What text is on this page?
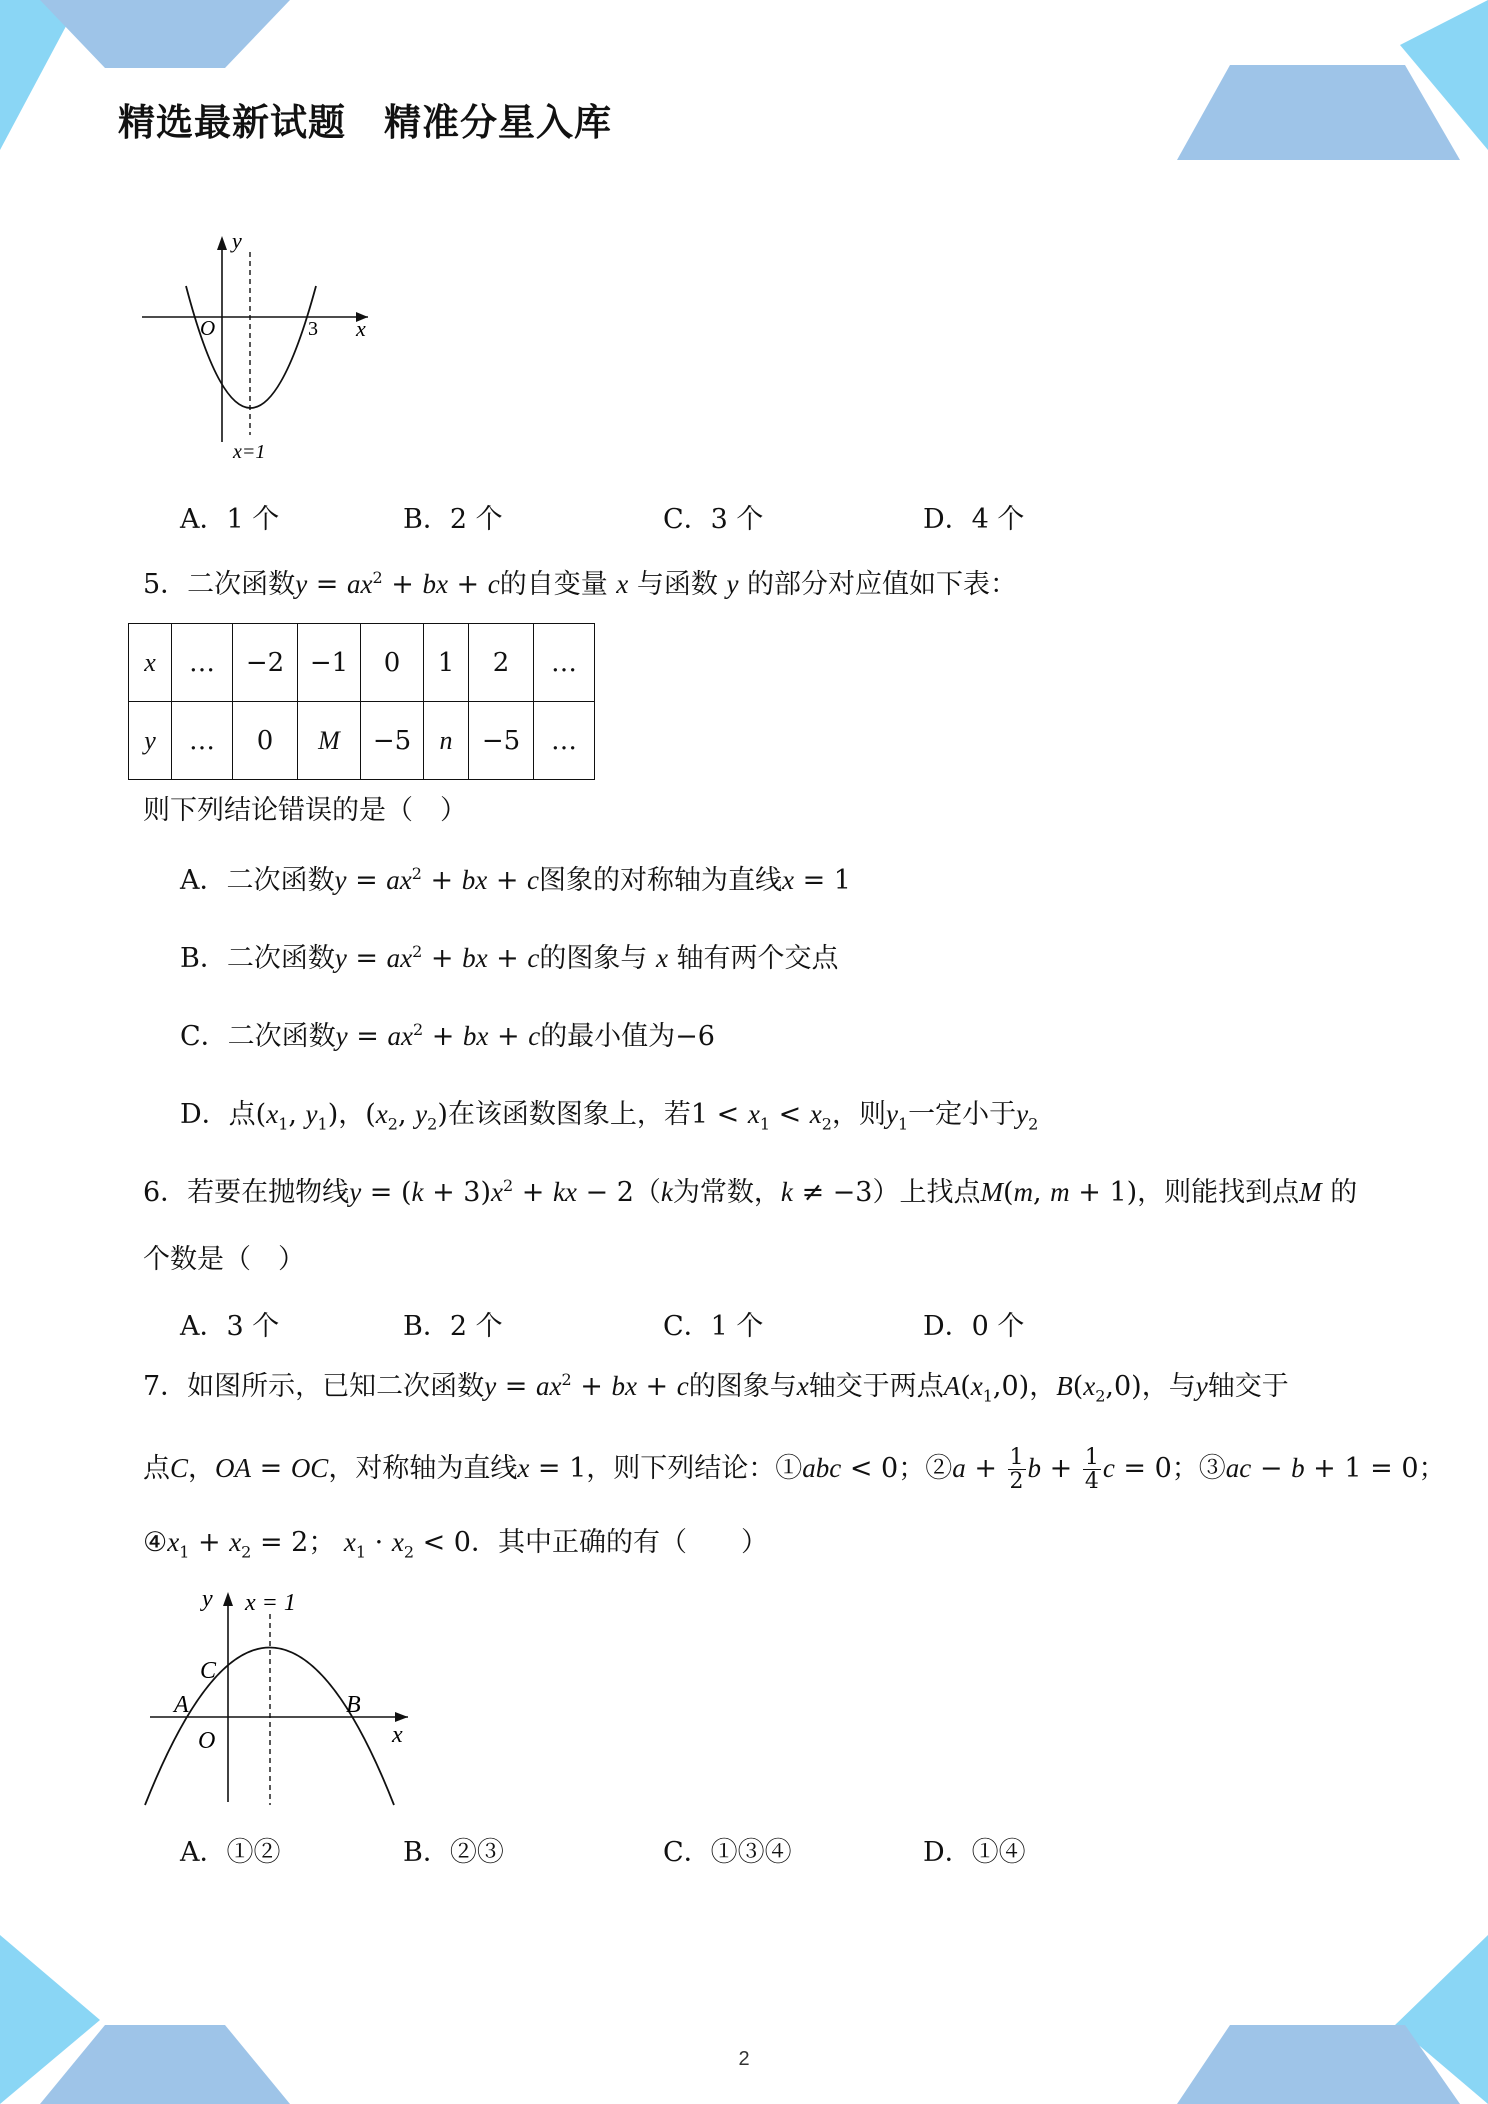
精选最新试题　精准分星入库
y
x
O	3
x=1
A．1 个	B．2 个	C．3 个	D．4 个
5．二次函数$y = ax^2$ + bx + c的自变量 x 与函数 y 的部分对应值如下表：
x	…	−2	−1	0	1	2	…
y	…	0	M	−5	n	−5	…
则下列结论错误的是（　）
A．二次函数$y = ax^2$ + bx + c图象的对称轴为直线x = 1
B．二次函数$y = ax^2$ + bx + c的图象与 x 轴有两个交点
C．二次函数$y = ax^2$ + bx + c的最小值为−6
D．点($x_1$, $y_1$)，($x_2$, $y_2$)在该函数图象上，若$1 < x_1 < x_2$，则$y_1$一定小于$y_2$
6．若要在抛物线$y = (k + 3)x^2$ + kx − 2（k为常数，k ≠ −3）上找点M(m, m + 1)，则能找到点M 的
个数是（　）
A．3 个	B．2 个	C．1 个	D．0 个
7．如图所示，已知二次函数$y = ax^2$ + bx + c的图象与x轴交于两点$A(x_1,0)$，$B(x_2,0)$，与y轴交于
点C，OA = OC，对称轴为直线x = 1，则下列结论：①abc < 0；②a + $\frac{1}{2}$ $b + \frac{1}{4}$ c = 0；③ac − b + 1 = 0；
$④x_1 + x_2 = 2$； $x_1 \cdot x_2 < 0$．其中正确的有（　　）
y
x
x = 1
C
A	B
O
A．①②	B．②③	C．①③④	D．①④
2
